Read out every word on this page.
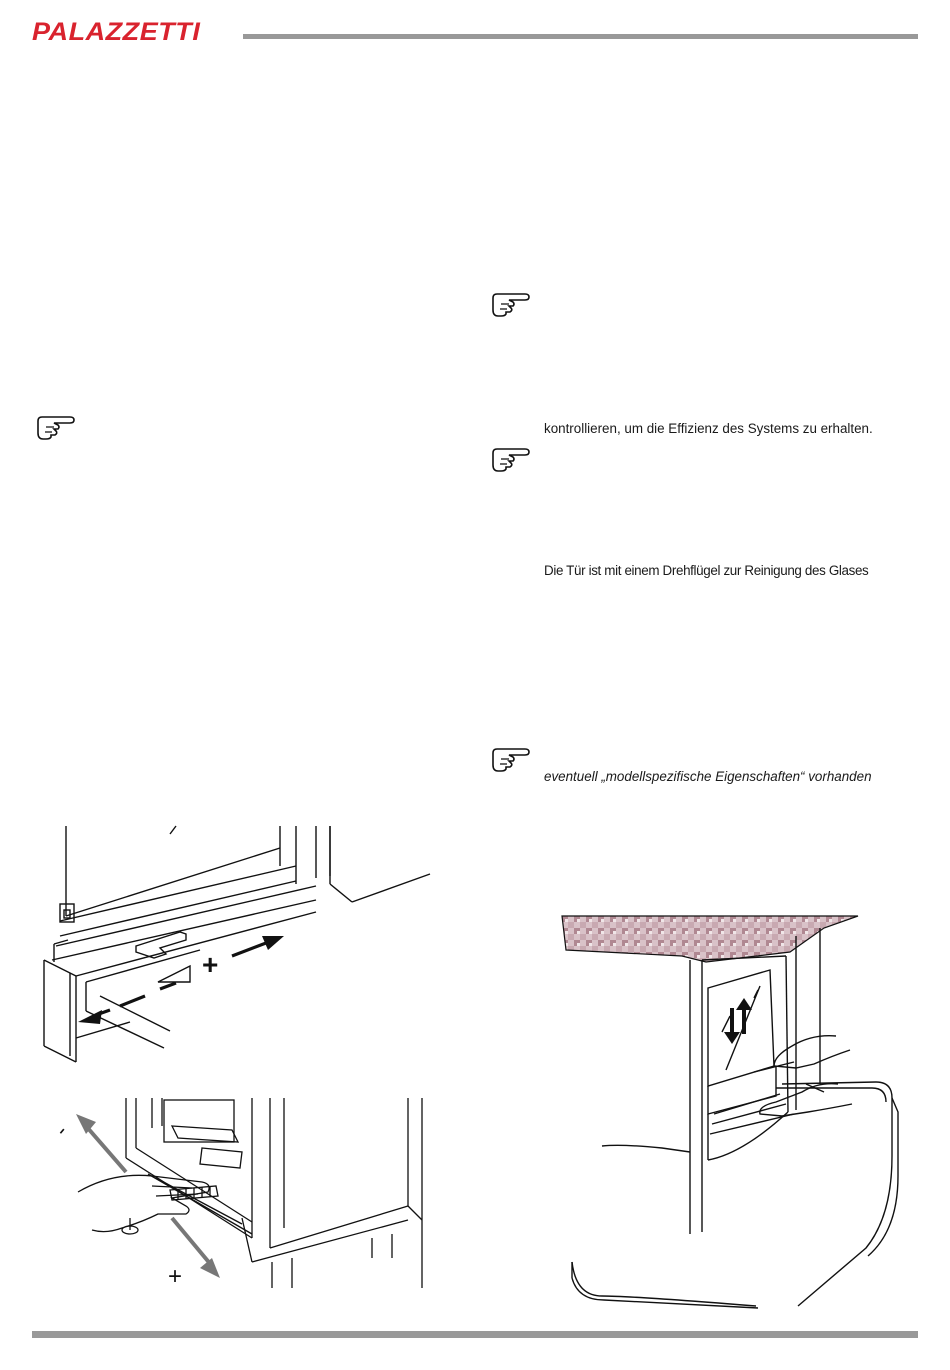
PALAZZETTI
kontrollieren, um die Effizienz des Systems zu erhalten.
Die Tür ist mit einem Drehflügel zur Reinigung des Glases
eventuell „modellspezifische Eigenschaften“ vorhanden
+
-
+
